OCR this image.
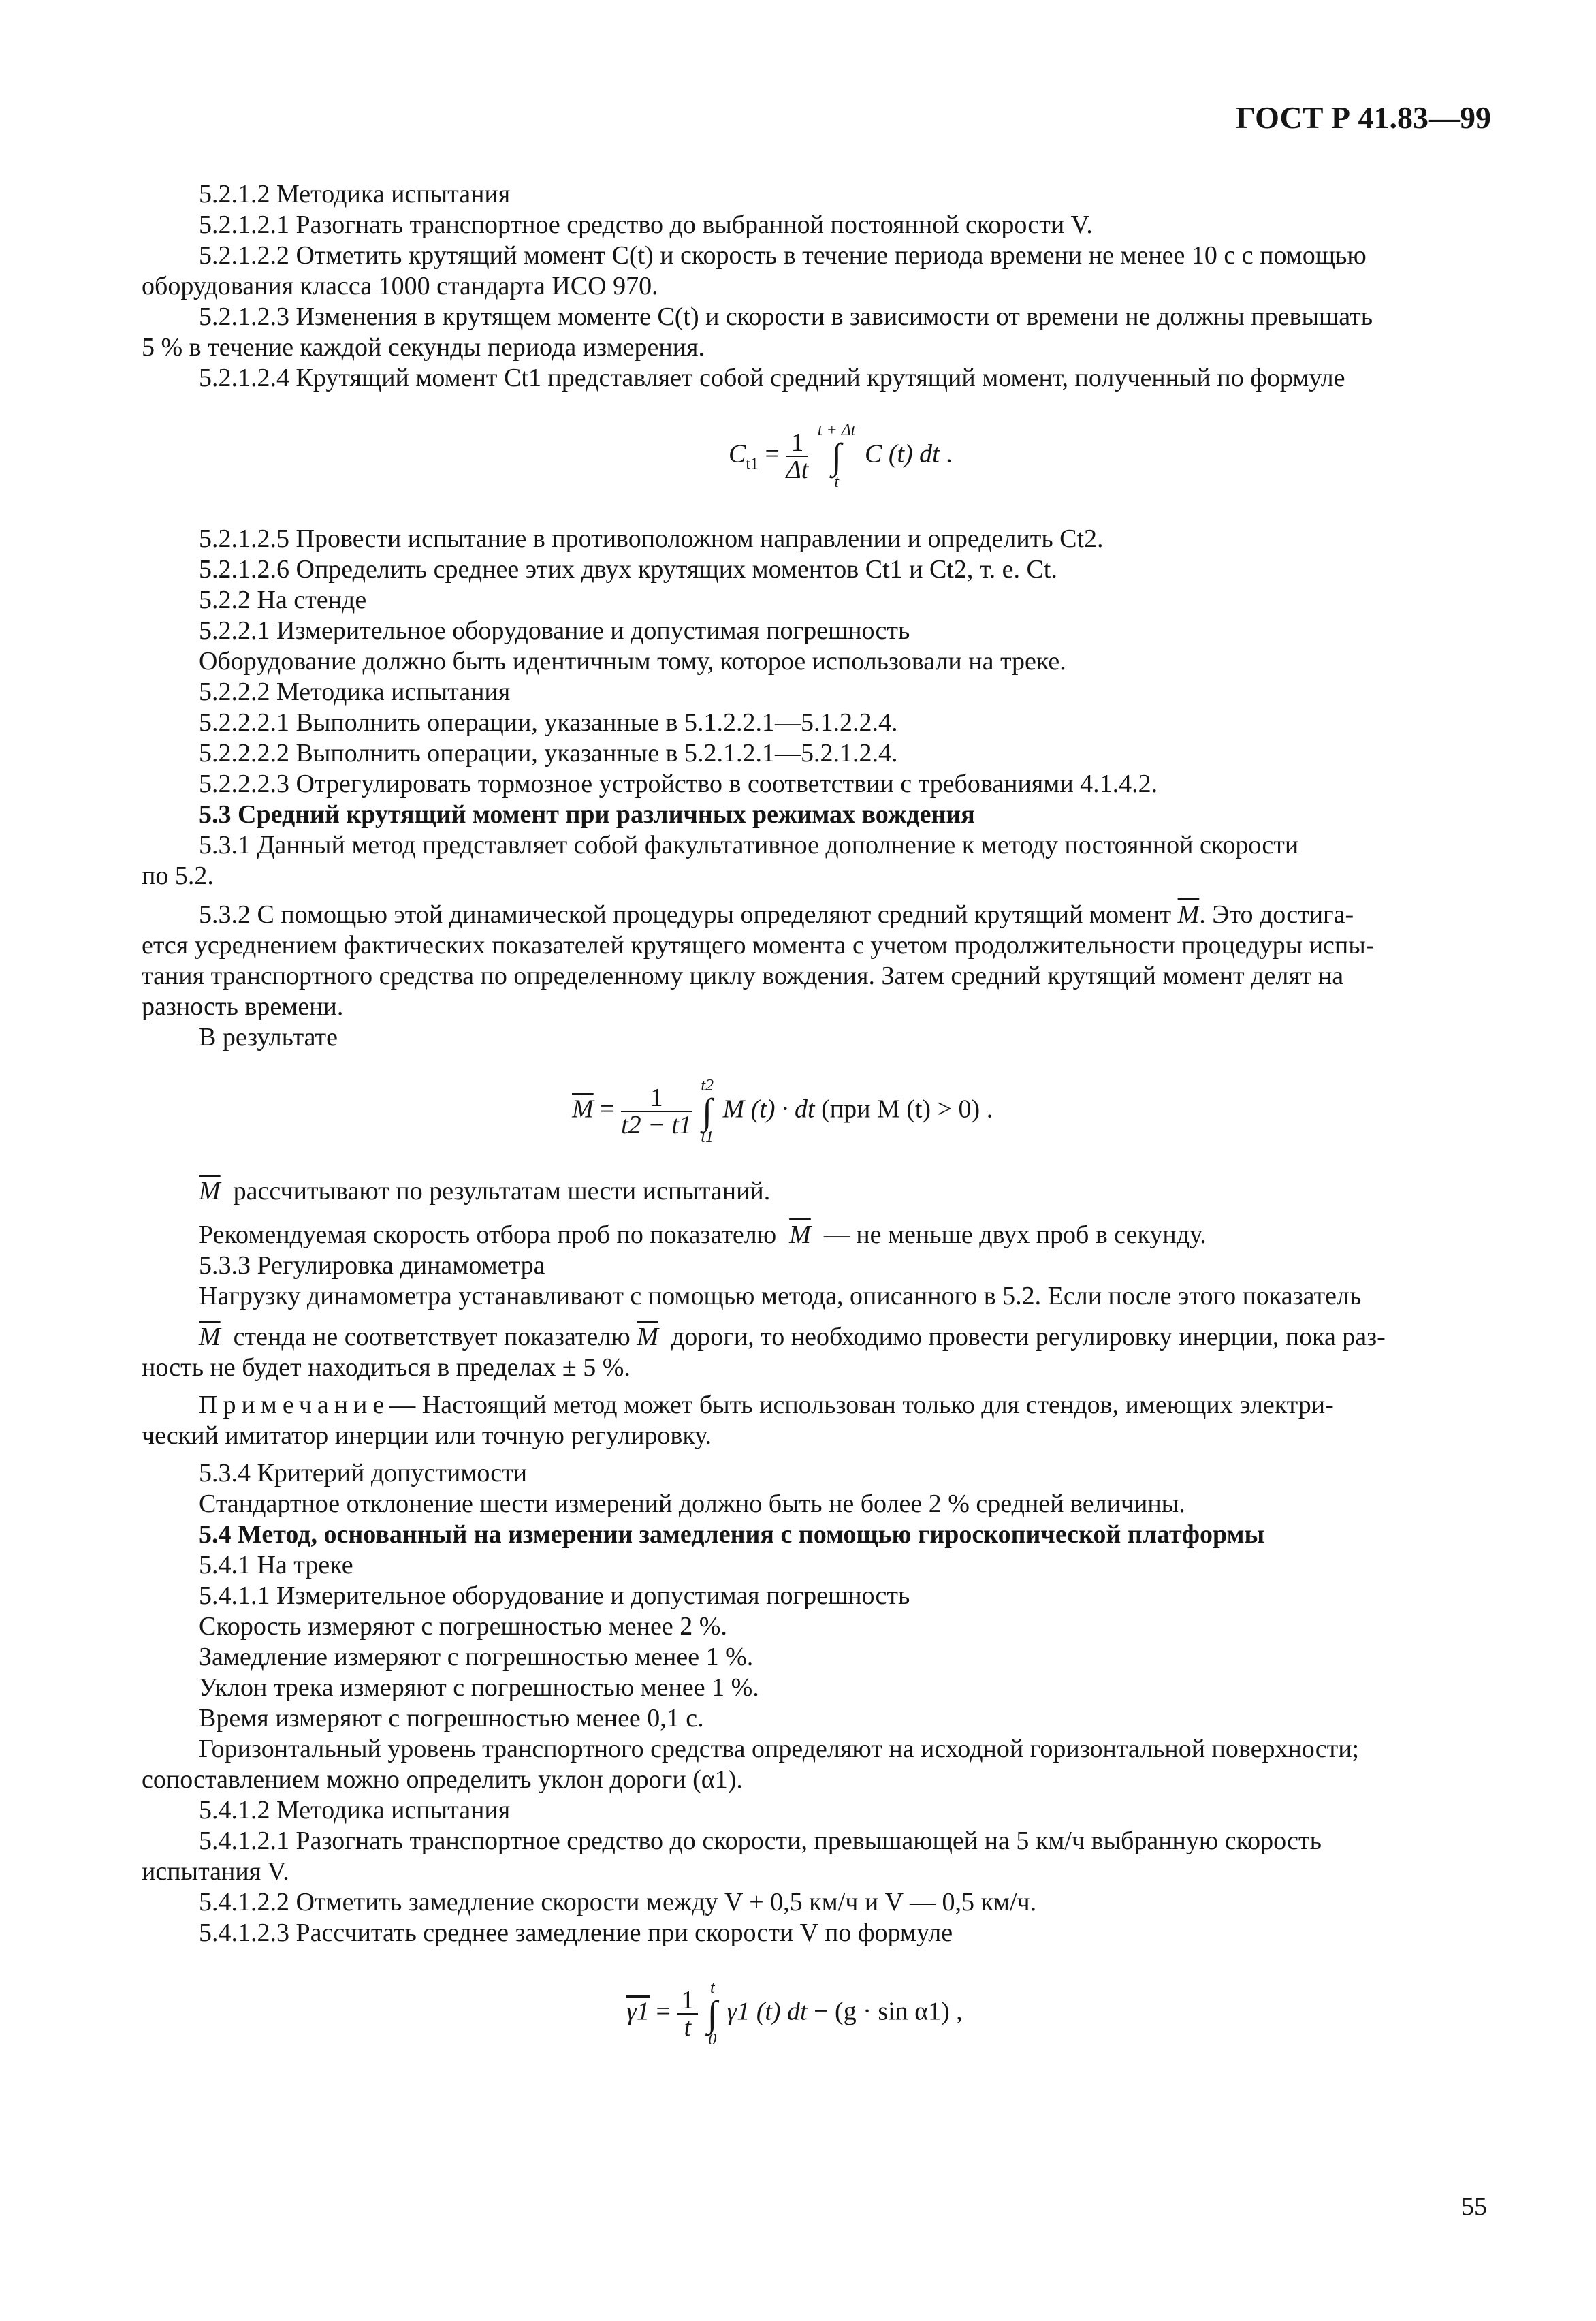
ГОСТ Р 41.83—99
5.2.1.2 Методика испытания
5.2.1.2.1 Разогнать транспортное средство до выбранной постоянной скорости V.
5.2.1.2.2 Отметить крутящий момент C(t) и скорость в течение периода времени не менее 10 с с помощью
оборудования класса 1000 стандарта ИСО 970.
5.2.1.2.3 Изменения в крутящем моменте C(t) и скорости в зависимости от времени не должны превышать
5 % в течение каждой секунды периода измерения.
5.2.1.2.4 Крутящий момент Ct1 представляет собой средний крутящий момент, полученный по формуле
$C_{t1} = \frac{1}{\Delta t}$
t + Δt
∫
t
C (t) dt .
5.2.1.2.5 Провести испытание в противоположном направлении и определить Ct2.
5.2.1.2.6 Определить среднее этих двух крутящих моментов Ct1 и Ct2, т. е. Ct.
5.2.2 На стенде
5.2.2.1 Измерительное оборудование и допустимая погрешность
Оборудование должно быть идентичным тому, которое использовали на треке.
5.2.2.2 Методика испытания
5.2.2.2.1 Выполнить операции, указанные в 5.1.2.2.1—5.1.2.2.4.
5.2.2.2.2 Выполнить операции, указанные в 5.2.1.2.1—5.2.1.2.4.
5.2.2.2.3 Отрегулировать тормозное устройство в соответствии с требованиями 4.1.4.2.
5.3 Средний крутящий момент при различных режимах вождения
5.3.1 Данный метод представляет собой факультативное дополнение к методу постоянной скорости
по 5.2.
5.3.2 С помощью этой динамической процедуры определяют средний крутящий момент $\overline{M}$. Это достига-
ется усреднением фактических показателей крутящего момента с учетом продолжительности процедуры испы-
тания транспортного средства по определенному циклу вождения. Затем средний крутящий момент делят на
разность времени.
В результате
$\overline{M} = \frac{1}{t2 - t1}$
t2
∫
t1
M (t) · dt (при M (t) > 0) .
$\overline{M}$ рассчитывают по результатам шести испытаний.
Рекомендуемая скорость отбора проб по показателю $\overline{M}$ — не меньше двух проб в секунду.
5.3.3 Регулировка динамометра
Нагрузку динамометра устанавливают с помощью метода, описанного в 5.2. Если после этого показатель
$\overline{M}$ стенда не соответствует показателю $\overline{M}$ дороги, то необходимо провести регулировку инерции, пока раз-
ность не будет находиться в пределах ± 5 %.
Примечание— Настоящий метод может быть использован только для стендов, имеющих электри-
ческий имитатор инерции или точную регулировку.
5.3.4 Критерий допустимости
Стандартное отклонение шести измерений должно быть не более 2 % средней величины.
5.4 Метод, основанный на измерении замедления с помощью гироскопической платформы
5.4.1 На треке
5.4.1.1 Измерительное оборудование и допустимая погрешность
Скорость измеряют с погрешностью менее 2 %.
Замедление измеряют с погрешностью менее 1 %.
Уклон трека измеряют с погрешностью менее 1 %.
Время измеряют с погрешностью менее 0,1 с.
Горизонтальный уровень транспортного средства определяют на исходной горизонтальной поверхности;
сопоставлением можно определить уклон дороги (α1).
5.4.1.2 Методика испытания
5.4.1.2.1 Разогнать транспортное средство до скорости, превышающей на 5 км/ч выбранную скорость
испытания V.
5.4.1.2.2 Отметить замедление скорости между V + 0,5 км/ч и V — 0,5 км/ч.
5.4.1.2.3 Рассчитать среднее замедление при скорости V по формуле
$\gamma 1 = \frac{1}{t}$
t
∫
0
γ1 (t) dt − (g · sin α1) ,
55
